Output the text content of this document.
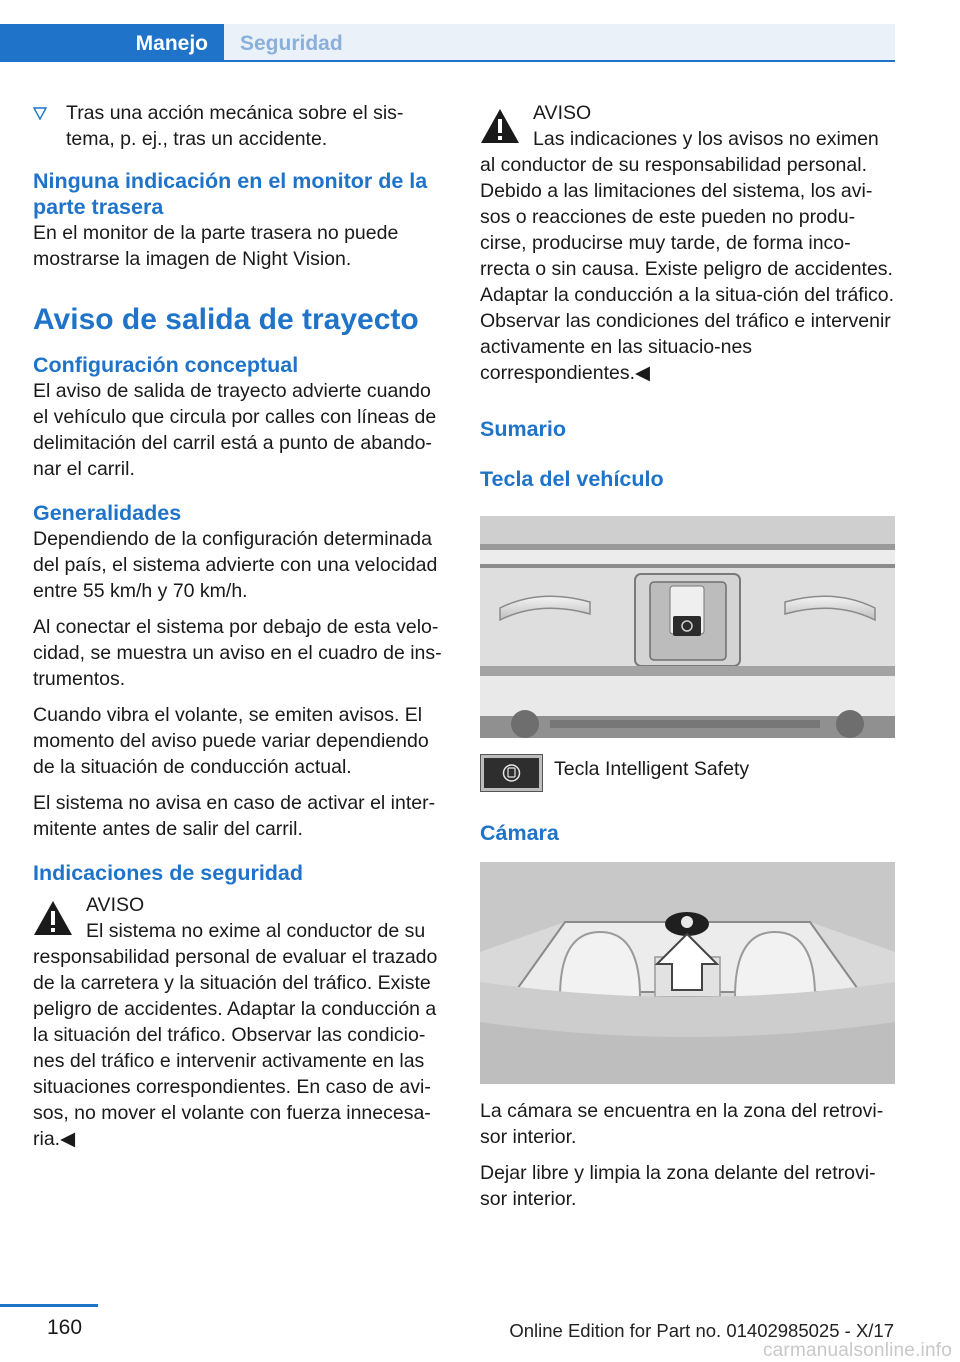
Manejo Seguridad

Tras una acción mecánica sobre el sis‐tema, p. ej., tras un accidente.

Ninguna indicación en el monitor de la parte trasera

En el monitor de la parte trasera no puede mostrarse la imagen de Night Vision.

Aviso de salida de trayecto
Configuración conceptual

El aviso de salida de trayecto advierte cuando el vehículo que circula por calles con líneas de delimitación del carril está a punto de abando‐nar el carril.

Generalidades

Dependiendo de la configuración determinada del país, el sistema advierte con una velocidad entre 55 km/h y 70 km/h.

Al conectar el sistema por debajo de esta velo‐cidad, se muestra un aviso en el cuadro de ins‐trumentos.

Cuando vibra el volante, se emiten avisos. El momento del aviso puede variar dependiendo de la situación de conducción actual.

El sistema no avisa en caso de activar el inter‐mitente antes de salir del carril.

Indicaciones de seguridad

AVISO

El sistema no exime al conductor de su

responsabilidad personal de evaluar el trazado de la carretera y la situación del tráfico. Existe peligro de accidentes. Adaptar la conducción a la situación del tráfico. Observar las condicio‐nes del tráfico e intervenir activamente en las situaciones correspondientes. En caso de avi‐sos, no mover el volante con fuerza innecesa‐ria.◀

AVISO

Las indicaciones y los avisos no eximen

al conductor de su responsabilidad personal. Debido a las limitaciones del sistema, los avi‐sos o reacciones de este pueden no produ‐cirse, producirse muy tarde, de forma inco‐rrecta o sin causa. Existe peligro de accidentes. Adaptar la conducción a la situa‐ción del tráfico. Observar las condiciones del tráfico e intervenir activamente en las situacio‐nes correspondientes.◀

Sumario
Tecla del vehículo

Tecla Intelligent Safety

Cámara

La cámara se encuentra en la zona del retrovi‐sor interior.

Dejar libre y limpia la zona delante del retrovi‐sor interior.

160	Online Edition for Part no. 01402985025 - X/17
carmanualsonline.info
